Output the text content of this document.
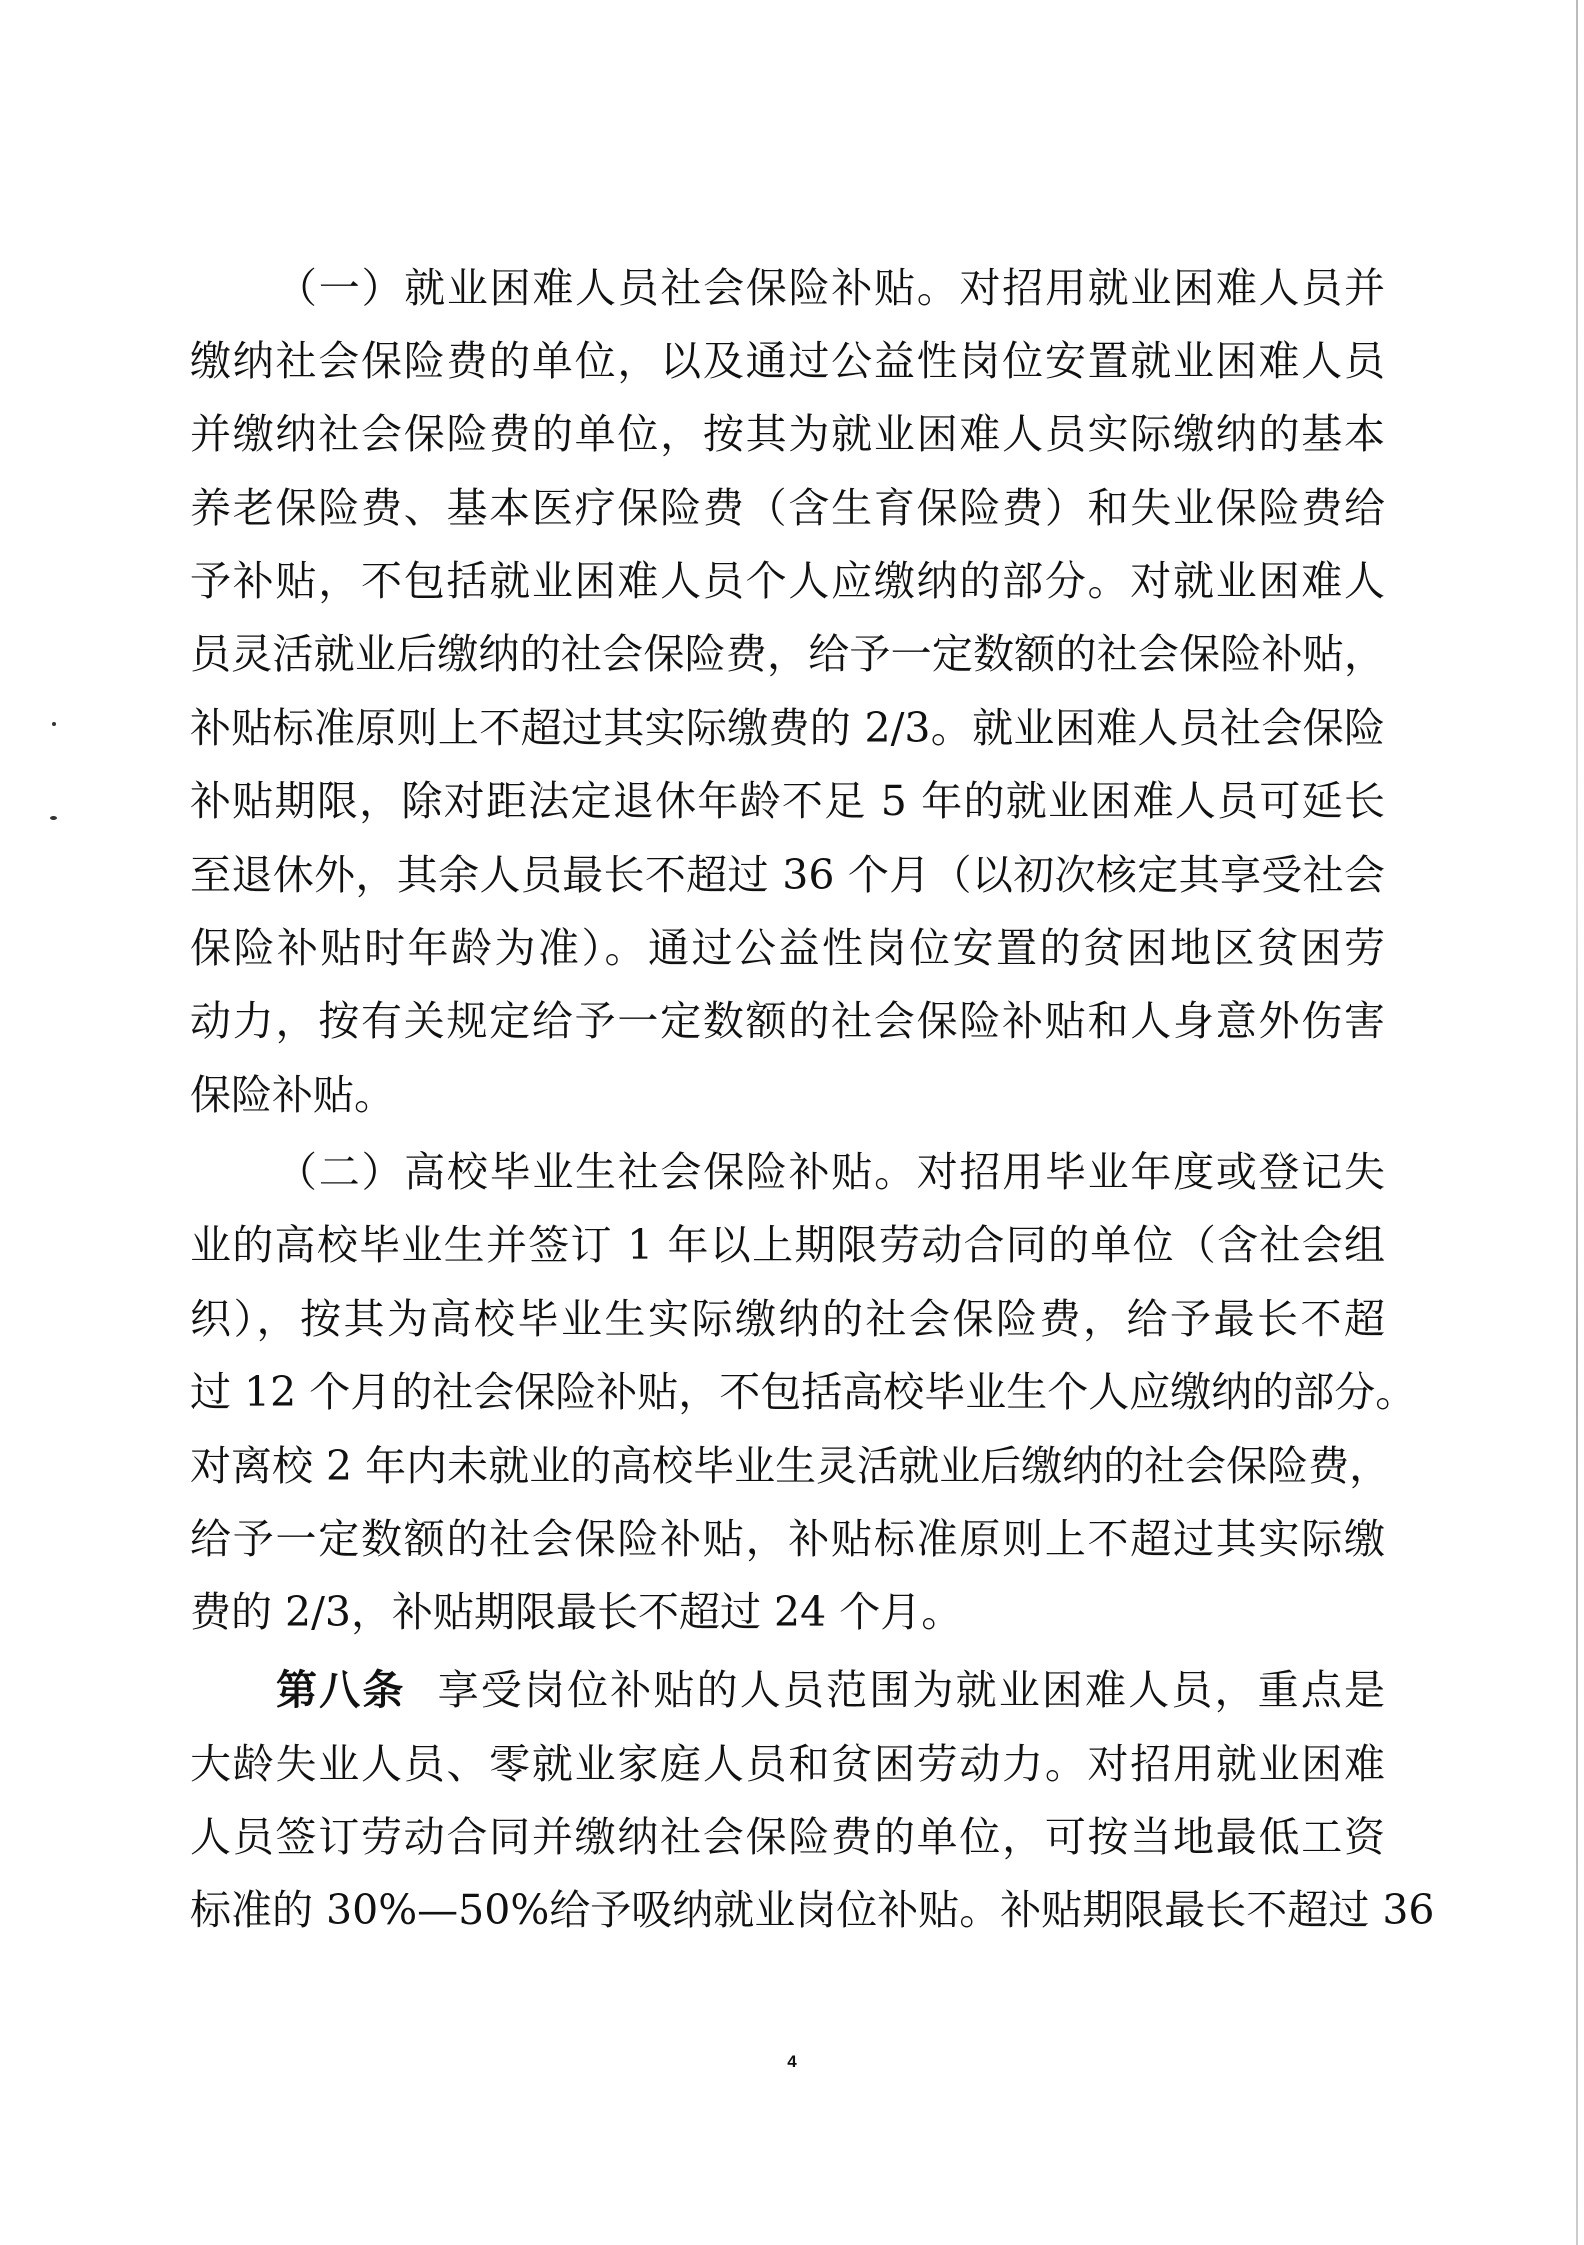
（一）就业困难人员社会保险补贴。对招用就业困难人员并
缴纳社会保险费的单位，以及通过公益性岗位安置就业困难人员
并缴纳社会保险费的单位，按其为就业困难人员实际缴纳的基本
养老保险费、基本医疗保险费（含生育保险费）和失业保险费给
予补贴，不包括就业困难人员个人应缴纳的部分。对就业困难人
员灵活就业后缴纳的社会保险费，给予一定数额的社会保险补贴，
补贴标准原则上不超过其实际缴费的 2/3。就业困难人员社会保险
补贴期限，除对距法定退休年龄不足 5 年的就业困难人员可延长
至退休外，其余人员最长不超过 36 个月（以初次核定其享受社会
保险补贴时年龄为准）。通过公益性岗位安置的贫困地区贫困劳
动力，按有关规定给予一定数额的社会保险补贴和人身意外伤害
保险补贴。
（二）高校毕业生社会保险补贴。对招用毕业年度或登记失
业的高校毕业生并签订 1 年以上期限劳动合同的单位（含社会组
织），按其为高校毕业生实际缴纳的社会保险费，给予最长不超
过 12 个月的社会保险补贴，不包括高校毕业生个人应缴纳的部分。
对离校 2 年内未就业的高校毕业生灵活就业后缴纳的社会保险费，
给予一定数额的社会保险补贴，补贴标准原则上不超过其实际缴
费的 2/3，补贴期限最长不超过 24 个月。
第八条 享受岗位补贴的人员范围为就业困难人员，重点是
大龄失业人员、零就业家庭人员和贫困劳动力。对招用就业困难
人员签订劳动合同并缴纳社会保险费的单位，可按当地最低工资
标准的 30%—50%给予吸纳就业岗位补贴。补贴期限最长不超过 36
4
